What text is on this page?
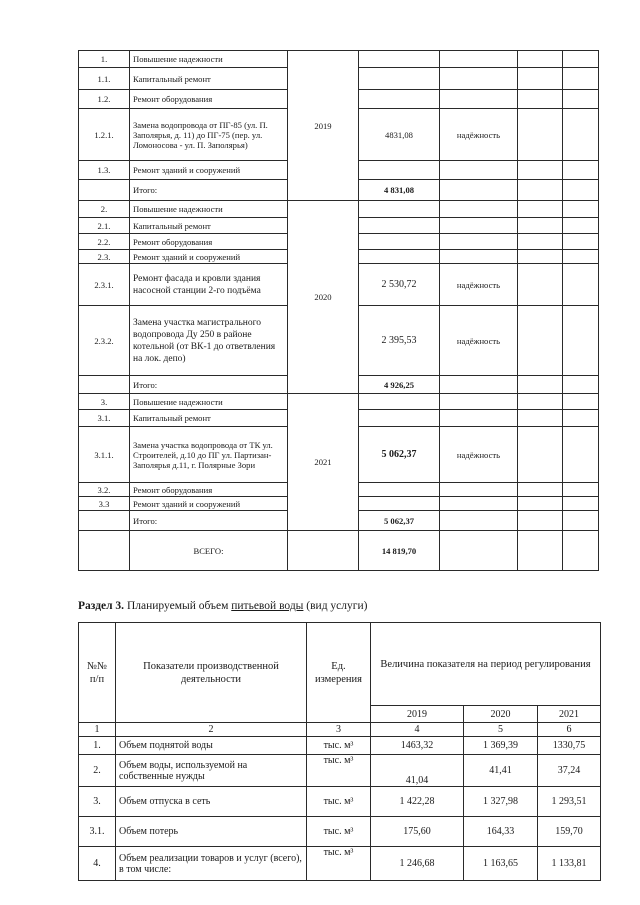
1.	Повышение надежности	2019				
1.1.	Капитальный ремонт					
1.2.	Ремонт оборудования					
1.2.1.	Замена водопровода от ПГ-85 (ул. П. Заполярья, д. 11) до ПГ-75 (пер. ул. Ломоносова - ул. П. Заполярья)		4831,08	надёжность		
1.3.	Ремонт зданий и сооружений					
	Итого:		4 831,08			
2.	Повышение надежности	2020				
2.1.	Капитальный ремонт					
2.2.	Ремонт оборудования					
2.3.	Ремонт зданий и сооружений					
2.3.1.	Ремонт фасада и кровли здания насосной станции 2-го подъёма		2 530,72	надёжность		
2.3.2.	Замена участка магистрального водопровода Ду 250 в районе котельной (от ВК-1 до ответвления на лок. депо)		2 395,53	надёжность		
	Итого:		4 926,25			
3.	Повышение надежности	2021				
3.1.	Капитальный ремонт					
3.1.1.	Замена участка водопровода от ТК ул. Строителей, д.10 до ПГ ул. Партизан-Заполярья д.11, г. Полярные Зори		5 062,37	надёжность		
3.2.	Ремонт оборудования					
3.3	Ремонт зданий и сооружений					
	Итого:		5 062,37			
	ВСЕГО:		14 819,70			
Раздел 3. Планируемый объем питьевой воды (вид услуги)
№№ п/п	Показатели производственной деятельности	Ед. измерения	Величина показателя на период регулирования		
			2019	2020	2021
1	2	3	4	5	6
1.	Объем поднятой воды	тыс. м³	1463,32	1 369,39	1330,75
2.	Объем воды, используемой на собственные нужды	тыс. м³	41,04	41,41	37,24
3.	Объем отпуска в сеть	тыс. м³	1 422,28	1 327,98	1 293,51
3.1.	Объем потерь	тыс. м³	175,60	164,33	159,70
4.	Объем реализации товаров и услуг (всего), в том числе:	тыс. м³	1 246,68	1 163,65	1 133,81
